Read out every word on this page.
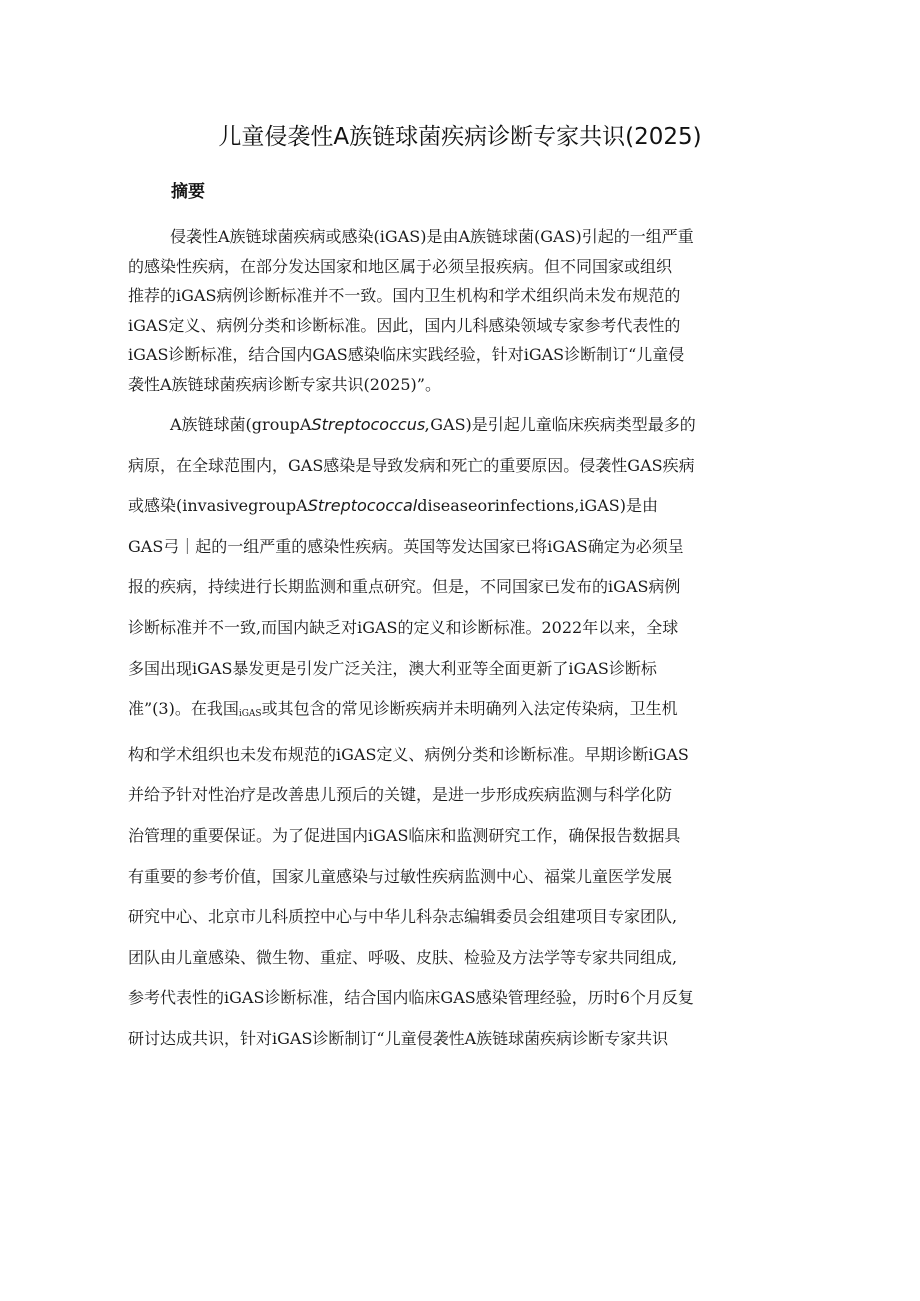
儿童侵袭性A族链球菌疾病诊断专家共识(2025)
摘要
侵袭性A族链球菌疾病或感染(iGAS)是由A族链球菌(GAS)引起的一组严重
的感染性疾病，在部分发达国家和地区属于必须呈报疾病。但不同国家或组织
推荐的iGAS病例诊断标准并不一致。国内卫生机构和学术组织尚未发布规范的
iGAS定义、病例分类和诊断标准。因此，国内儿科感染领域专家参考代表性的
iGAS诊断标准，结合国内GAS感染临床实践经验，针对iGAS诊断制订“儿童侵
袭性A族链球菌疾病诊断专家共识(2025)”。
A族链球菌(groupAStreptococcus,GAS)是引起儿童临床疾病类型最多的
病原，在全球范围内，GAS感染是导致发病和死亡的重要原因。侵袭性GAS疾病
或感染(invasivegroupAStreptococcaldiseaseorinfections,iGAS)是由
GAS弓｜起的一组严重的感染性疾病。英国等发达国家已将iGAS确定为必须呈
报的疾病，持续进行长期监测和重点研究。但是，不同国家已发布的iGAS病例
诊断标准并不一致,而国内缺乏对iGAS的定义和诊断标准。2022年以来，全球
多国出现iGAS暴发更是引发广泛关注，澳大利亚等全面更新了iGAS诊断标
准”(3)。在我国iGAS或其包含的常见诊断疾病并未明确列入法定传染病，卫生机
构和学术组织也未发布规范的iGAS定义、病例分类和诊断标准。早期诊断iGAS
并给予针对性治疗是改善患儿预后的关键，是进一步形成疾病监测与科学化防
治管理的重要保证。为了促进国内iGAS临床和监测研究工作，确保报告数据具
有重要的参考价值，国家儿童感染与过敏性疾病监测中心、福棠儿童医学发展
研究中心、北京市儿科质控中心与中华儿科杂志编辑委员会组建项目专家团队,
团队由儿童感染、微生物、重症、呼吸、皮肤、检验及方法学等专家共同组成,
参考代表性的iGAS诊断标准，结合国内临床GAS感染管理经验，历时6个月反复
研讨达成共识，针对iGAS诊断制订“儿童侵袭性A族链球菌疾病诊断专家共识
